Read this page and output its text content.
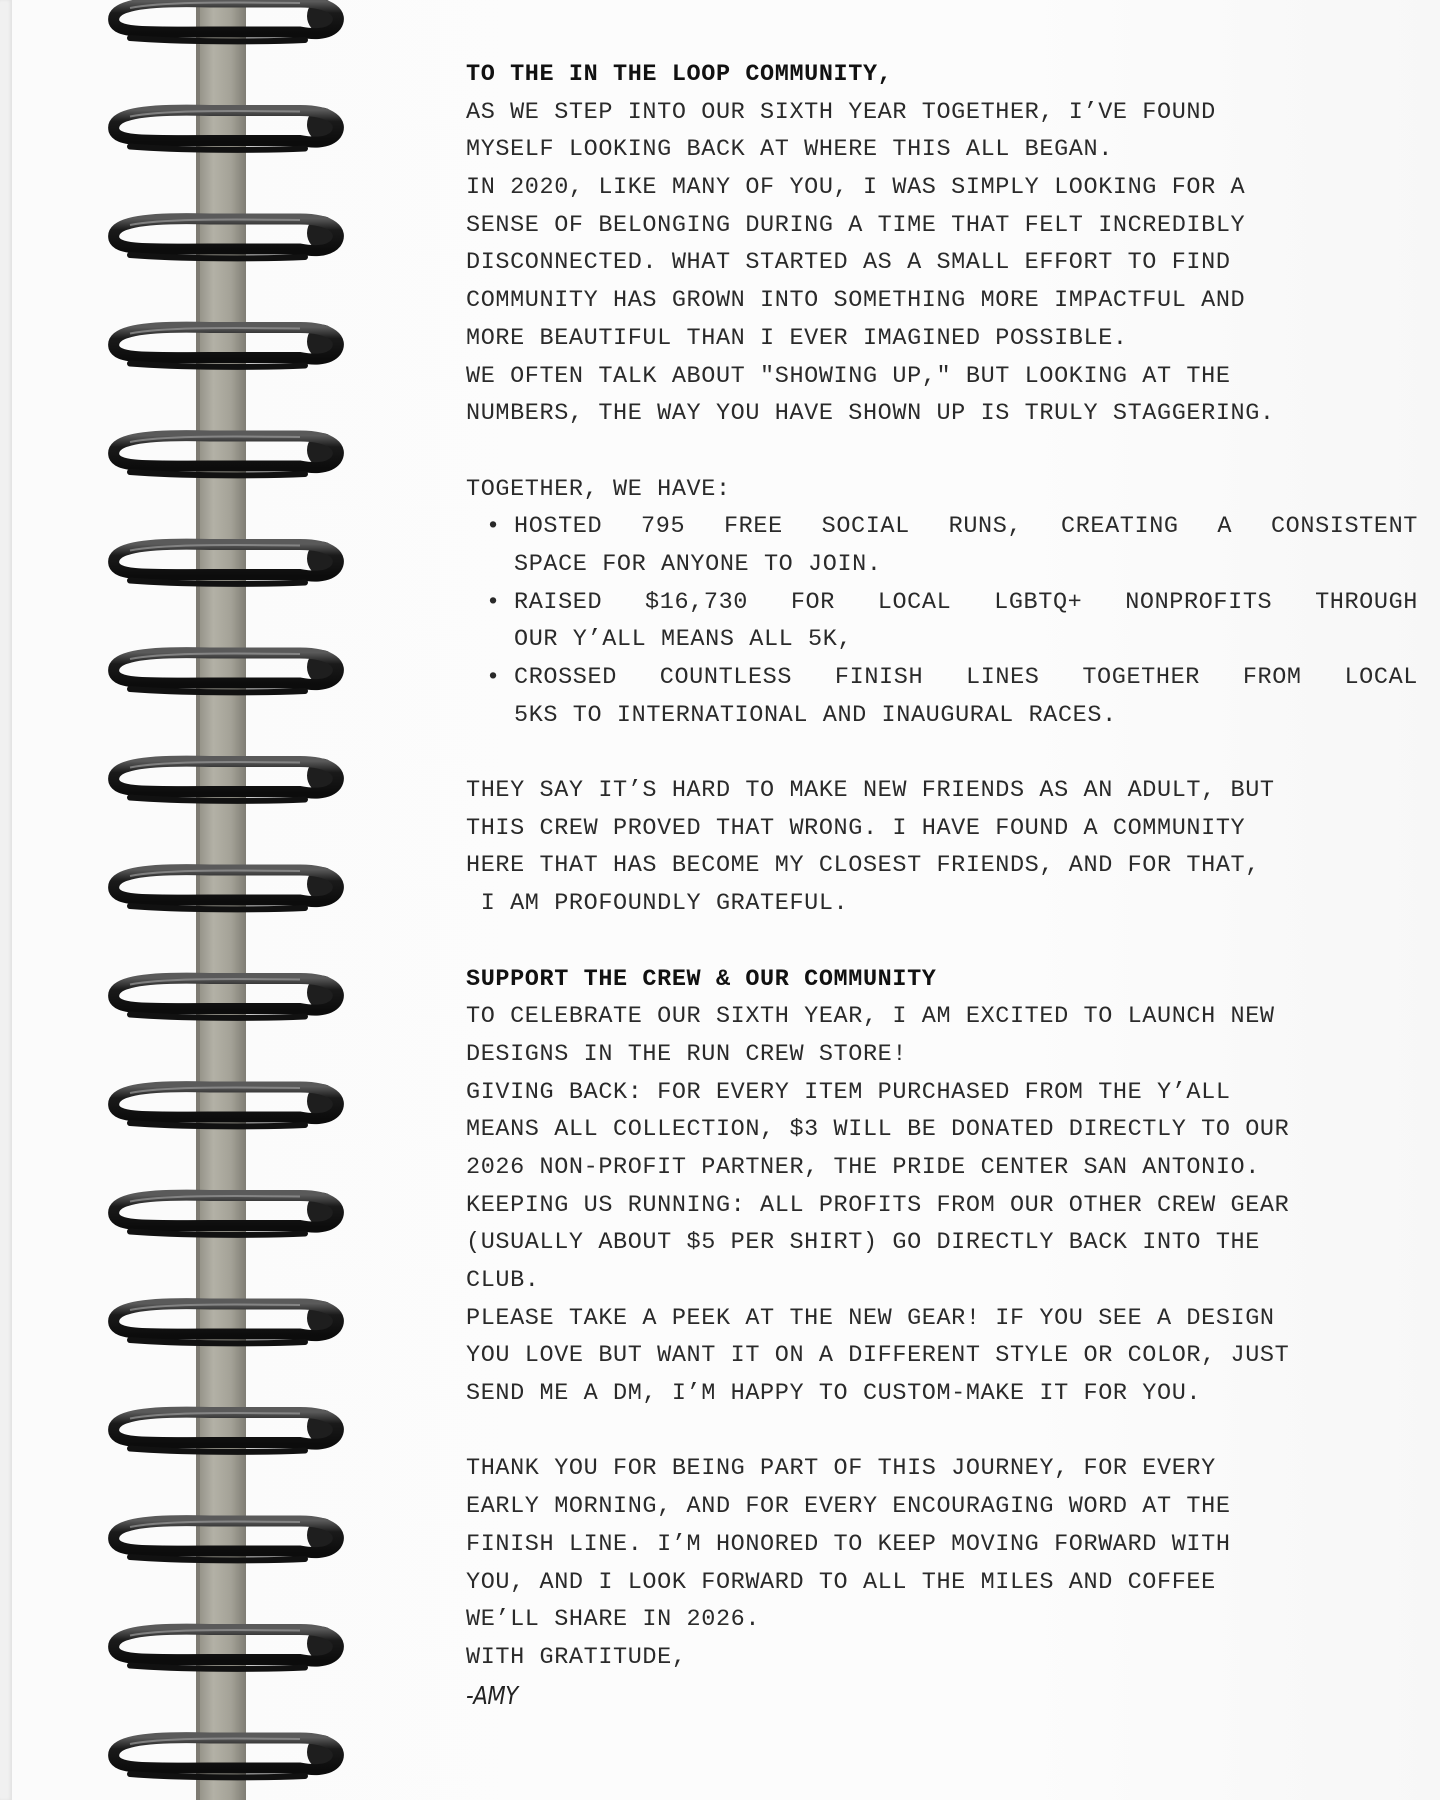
TO THE IN THE LOOP COMMUNITY,
AS WE STEP INTO OUR SIXTH YEAR TOGETHER, I’VE FOUND
MYSELF LOOKING BACK AT WHERE THIS ALL BEGAN.
IN 2020, LIKE MANY OF YOU, I WAS SIMPLY LOOKING FOR A
SENSE OF BELONGING DURING A TIME THAT FELT INCREDIBLY
DISCONNECTED. WHAT STARTED AS A SMALL EFFORT TO FIND
COMMUNITY HAS GROWN INTO SOMETHING MORE IMPACTFUL AND
MORE BEAUTIFUL THAN I EVER IMAGINED POSSIBLE.
WE OFTEN TALK ABOUT "SHOWING UP," BUT LOOKING AT THE
NUMBERS, THE WAY YOU HAVE SHOWN UP IS TRULY STAGGERING.
TOGETHER, WE HAVE:
• HOSTED 795 FREE SOCIAL RUNS, CREATING A CONSISTENT
SPACE FOR ANYONE TO JOIN.
• RAISED $16,730 FOR LOCAL LGBTQ+ NONPROFITS THROUGH
OUR Y’ALL MEANS ALL 5K,
• CROSSED COUNTLESS FINISH LINES TOGETHER FROM LOCAL
5KS TO INTERNATIONAL AND INAUGURAL RACES.
THEY SAY IT’S HARD TO MAKE NEW FRIENDS AS AN ADULT, BUT
THIS CREW PROVED THAT WRONG. I HAVE FOUND A COMMUNITY
HERE THAT HAS BECOME MY CLOSEST FRIENDS, AND FOR THAT,
I AM PROFOUNDLY GRATEFUL.
SUPPORT THE CREW & OUR COMMUNITY
TO CELEBRATE OUR SIXTH YEAR, I AM EXCITED TO LAUNCH NEW
DESIGNS IN THE RUN CREW STORE!
GIVING BACK: FOR EVERY ITEM PURCHASED FROM THE Y’ALL
MEANS ALL COLLECTION, $3 WILL BE DONATED DIRECTLY TO OUR
2026 NON-PROFIT PARTNER, THE PRIDE CENTER SAN ANTONIO.
KEEPING US RUNNING: ALL PROFITS FROM OUR OTHER CREW GEAR
(USUALLY ABOUT $5 PER SHIRT) GO DIRECTLY BACK INTO THE
CLUB.
PLEASE TAKE A PEEK AT THE NEW GEAR! IF YOU SEE A DESIGN
YOU LOVE BUT WANT IT ON A DIFFERENT STYLE OR COLOR, JUST
SEND ME A DM, I’M HAPPY TO CUSTOM-MAKE IT FOR YOU.
THANK YOU FOR BEING PART OF THIS JOURNEY, FOR EVERY
EARLY MORNING, AND FOR EVERY ENCOURAGING WORD AT THE
FINISH LINE. I’M HONORED TO KEEP MOVING FORWARD WITH
YOU, AND I LOOK FORWARD TO ALL THE MILES AND COFFEE
WE’LL SHARE IN 2026.
WITH GRATITUDE,
-AMY
